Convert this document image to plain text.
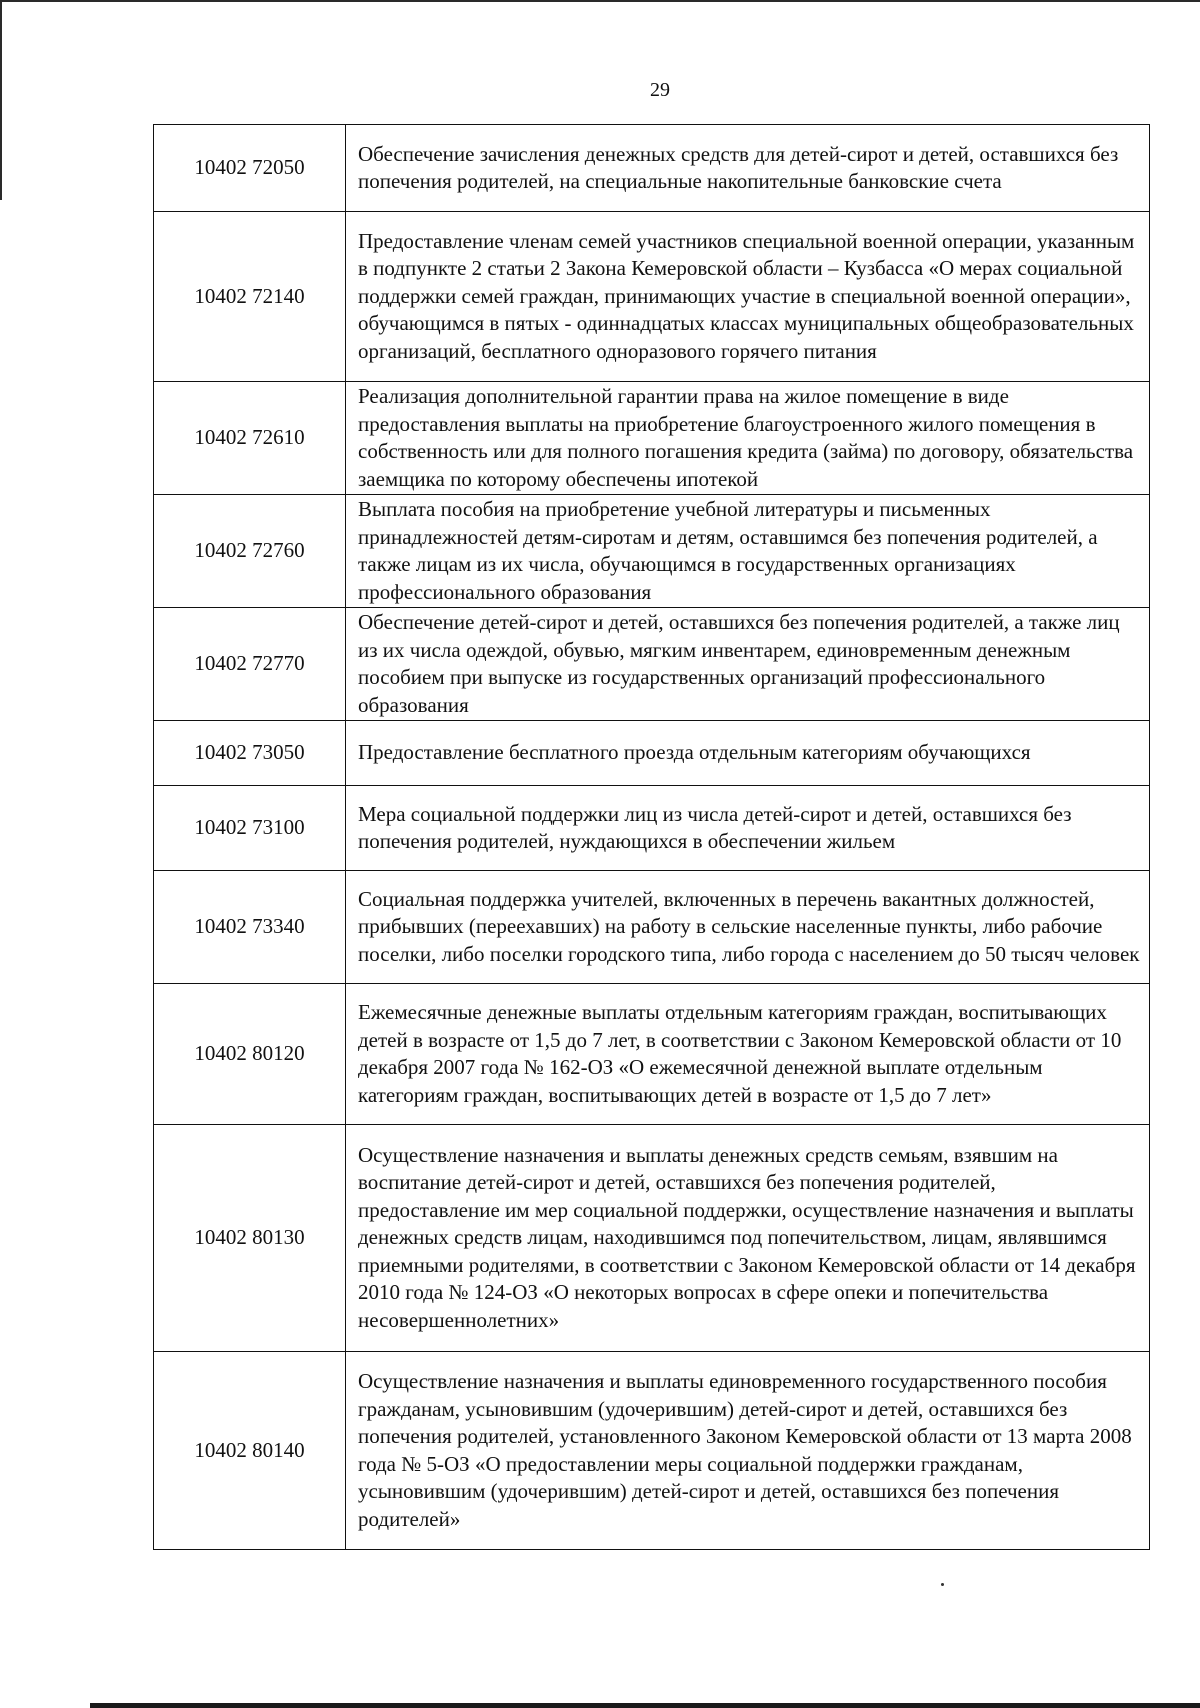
29
10402 72050	Обеспечение зачисления денежных средств для детей-сирот и детей, оставшихся без попечения родителей, на специальные накопительные банковские счета
10402 72140	Предоставление членам семей участников специальной военной операции, указанным в подпункте 2 статьи 2 Закона Кемеровской области – Кузбасса «О мерах социальной поддержки семей граждан, принимающих участие в специальной военной операции», обучающимся в пятых - одиннадцатых классах муниципальных общеобразовательных организаций, бесплатного одноразового горячего питания
10402 72610	Реализация дополнительной гарантии права на жилое помещение в виде предоставления выплаты на приобретение благоустроенного жилого помещения в собственность или для полного погашения кредита (займа) по договору, обязательства заемщика по которому обеспечены ипотекой
10402 72760	Выплата пособия на приобретение учебной литературы и письменных принадлежностей детям-сиротам и детям, оставшимся без попечения родителей, а также лицам из их числа, обучающимся в государственных организациях профессионального образования
10402 72770	Обеспечение детей-сирот и детей, оставшихся без попечения родителей, а также лиц из их числа одеждой, обувью, мягким инвентарем, единовременным денежным пособием при выпуске из государственных организаций профессионального образования
10402 73050	Предоставление бесплатного проезда отдельным категориям обучающихся
10402 73100	Мера социальной поддержки лиц из числа детей-сирот и детей, оставшихся без попечения родителей, нуждающихся в обеспечении жильем
10402 73340	Социальная поддержка учителей, включенных в перечень вакантных должностей, прибывших (переехавших) на работу в сельские населенные пункты, либо рабочие поселки, либо поселки городского типа, либо города с населением до 50 тысяч человек
10402 80120	Ежемесячные денежные выплаты отдельным категориям граждан, воспитывающих детей в возрасте от 1,5 до 7 лет, в соответствии с Законом Кемеровской области от 10 декабря 2007 года № 162-ОЗ «О ежемесячной денежной выплате отдельным категориям граждан, воспитывающих детей в возрасте от 1,5 до 7 лет»
10402 80130	Осуществление назначения и выплаты денежных средств семьям, взявшим на воспитание детей-сирот и детей, оставшихся без попечения родителей, предоставление им мер социальной поддержки, осуществление назначения и выплаты денежных средств лицам, находившимся под попечительством, лицам, являвшимся приемными родителями, в соответствии с Законом Кемеровской области от 14 декабря 2010 года № 124-ОЗ «О некоторых вопросах в сфере опеки и попечительства несовершеннолетних»
10402 80140	Осуществление назначения и выплаты единовременного государственного пособия гражданам, усыновившим (удочерившим) детей-сирот и детей, оставшихся без попечения родителей, установленного Законом Кемеровской области от 13 марта 2008 года № 5-ОЗ «О предоставлении меры социальной поддержки гражданам, усыновившим (удочерившим) детей-сирот и детей, оставшихся без попечения родителей»
